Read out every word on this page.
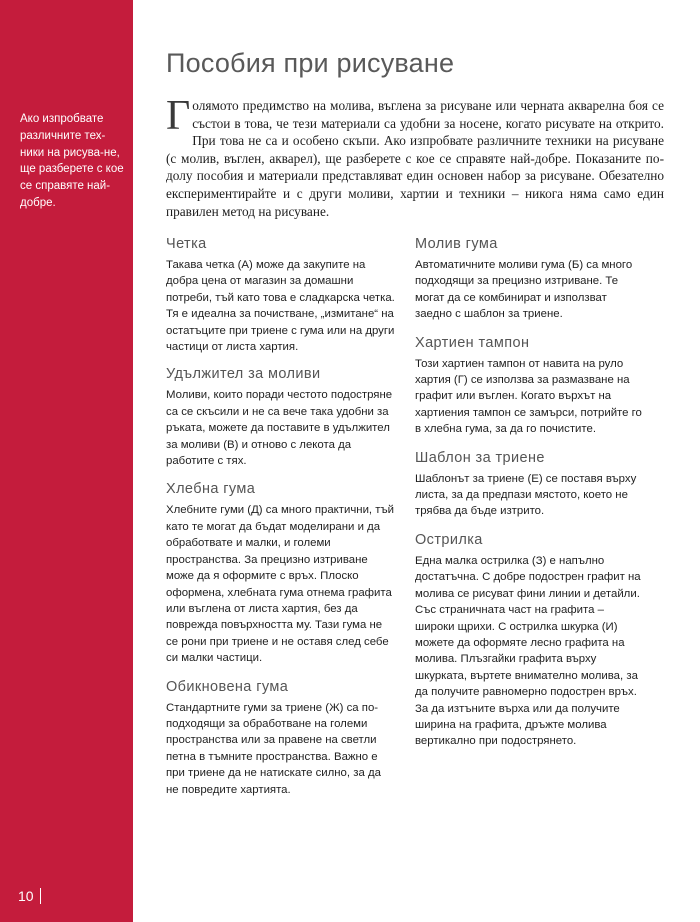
Ако изпробвате различните тех-ники на рисува-не, ще разберете с кое се справяте най-добре.

10
Пособия при рисуване

Голямото предимство на молива, въглена за рисуване или черната акварелна боя се състои в това, че тези материали са удобни за носене, когато рисувате на открито. При това не са и особено скъпи. Ако изпробвате различните техники на рисуване (с молив, въглен, акварел), ще разберете с кое се справяте най-добре. Показаните по-долу пособия и материали представляват един основен набор за рисуване. Обезателно експериментирайте и с други моливи, хартии и техники – никога няма само един правилен метод на рисуване.

Четка

Такава четка (А) може да закупите на добра цена от магазин за домашни потреби, тъй като това е сладкарска четка. Тя е идеална за почистване, „измитане“ на остатъците при триене с гума или на други частици от листа хартия.

Удължител за моливи

Моливи, които поради честото подостряне са се скъсили и не са вече така удобни за ръката, можете да поставите в удължител за моливи (В) и отново с лекота да работите с тях.

Хлебна гума

Хлебните гуми (Д) са много практични, тъй като те могат да бъдат моделирани и да обработвате и малки, и големи пространства. За прецизно изтриване може да я оформите с връх. Плоско оформена, хлебната гума отнема графита или въглена от листа хартия, без да поврежда повърхността му. Тази гума не се рони при триене и не оставя след себе си малки частици.

Обикновена гума

Стандартните гуми за триене (Ж) са по-подходящи за обработване на големи пространства или за правене на светли петна в тъмните пространства. Важно е при триене да не натискате силно, за да не повредите хартията.

Молив гума

Автоматичните моливи гума (Б) са много подходящи за прецизно изтриване. Те могат да се комбинират и използват заедно с шаблон за триене.

Хартиен тампон

Този хартиен тампон от навита на руло хартия (Г) се използва за размазване на графит или въглен. Когато върхът на хартиения тампон се замърси, потрийте го в хлебна гума, за да го почистите.

Шаблон за триене

Шаблонът за триене (Е) се поставя върху листа, за да предпази мястото, което не трябва да бъде изтрито.

Острилка

Една малка острилка (З) е напълно достатъчна. С добре подострен графит на молива се рисуват фини линии и детайли. Със страничната част на графита – широки щрихи. С острилка шкурка (И) можете да оформяте лесно графита на молива. Плъзгайки графита върху шкурката, въртете внимателно молива, за да получите равномерно подострен връх. За да изтъните върха или да получите ширина на графита, дръжте молива вертикално при подострянето.
